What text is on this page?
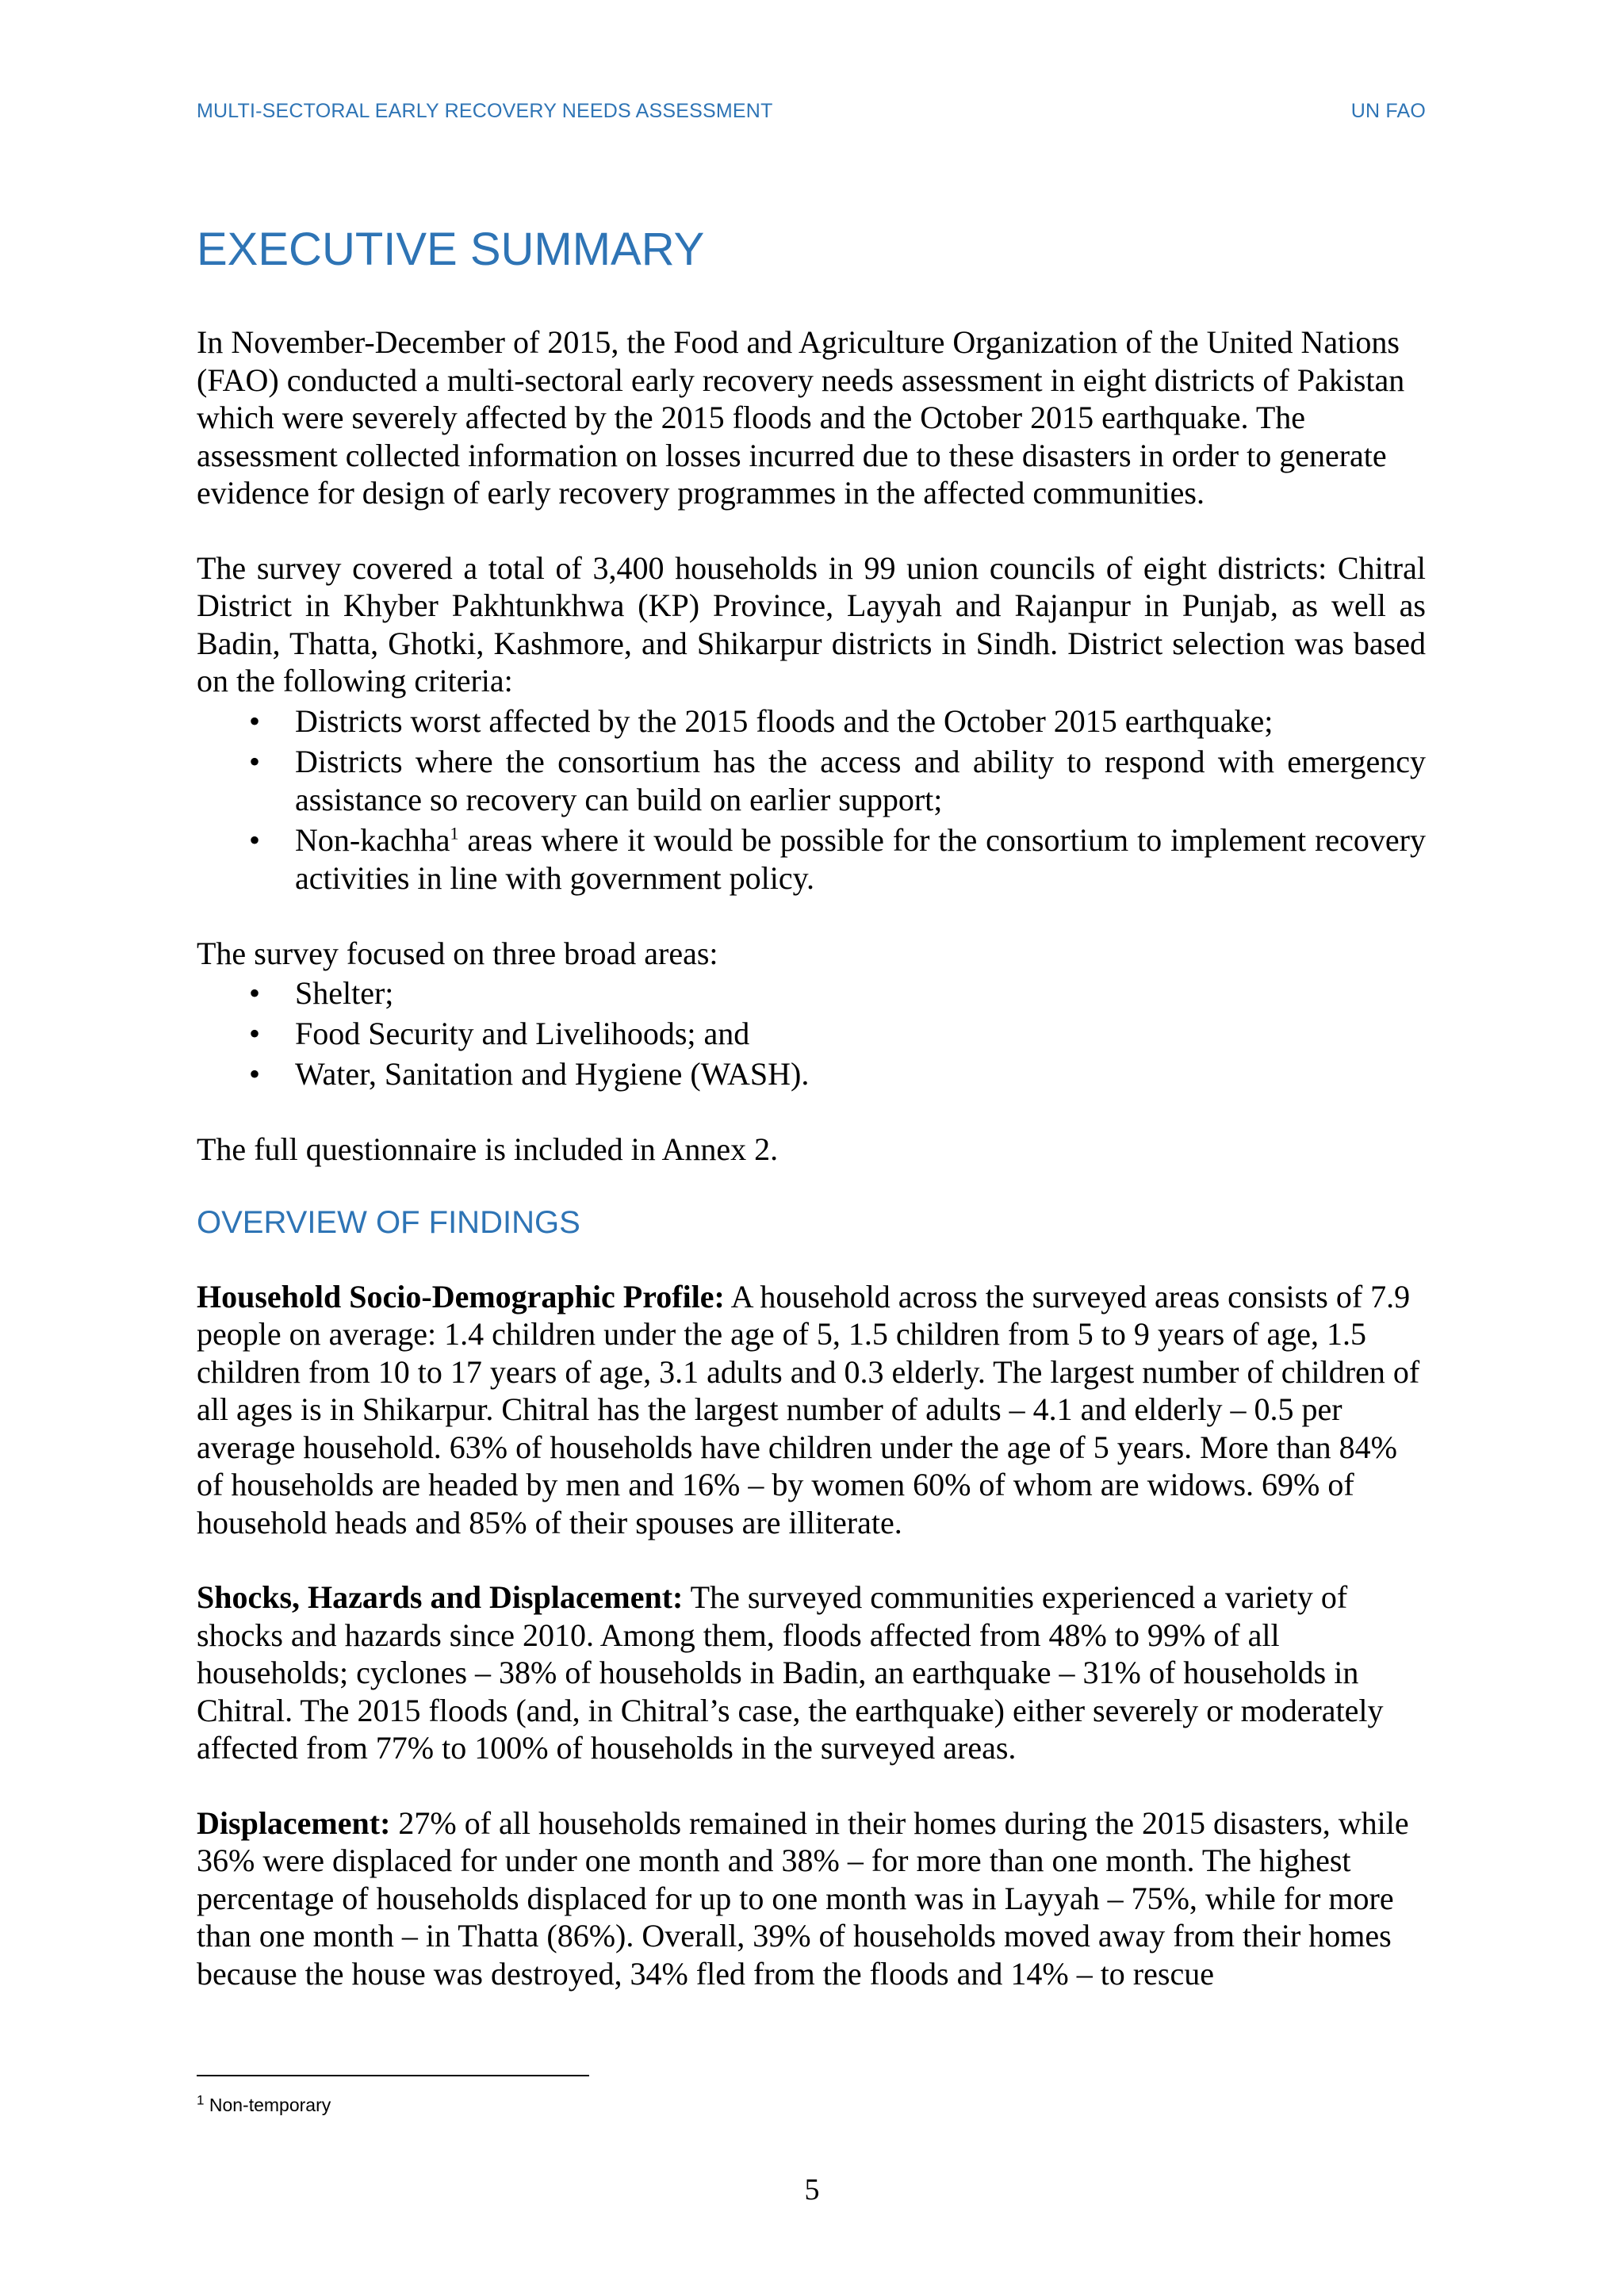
MULTI-SECTORAL EARLY RECOVERY NEEDS ASSESSMENT	UN FAO
EXECUTIVE SUMMARY

In November-December of 2015, the Food and Agriculture Organization of the United Nations (FAO) conducted a multi-sectoral early recovery needs assessment in eight districts of Pakistan which were severely affected by the 2015 floods and the October 2015 earthquake. The assessment collected information on losses incurred due to these disasters in order to generate evidence for design of early recovery programmes in the affected communities.

The survey covered a total of 3,400 households in 99 union councils of eight districts: Chitral District in Khyber Pakhtunkhwa (KP) Province, Layyah and Rajanpur in Punjab, as well as Badin, Thatta, Ghotki, Kashmore, and Shikarpur districts in Sindh. District selection was based on the following criteria:

•	Districts worst affected by the 2015 floods and the October 2015 earthquake;
•	Districts where the consortium has the access and ability to respond with emergency assistance so recovery can build on earlier support;
•	Non-kachha$^1$ areas where it would be possible for the consortium to implement recovery activities in line with government policy.

The survey focused on three broad areas:

•	Shelter;
•	Food Security and Livelihoods; and
•	Water, Sanitation and Hygiene (WASH).

The full questionnaire is included in Annex 2.

OVERVIEW OF FINDINGS

Household Socio-Demographic Profile: A household across the surveyed areas consists of 7.9 people on average: 1.4 children under the age of 5, 1.5 children from 5 to 9 years of age, 1.5 children from 10 to 17 years of age, 3.1 adults and 0.3 elderly. The largest number of children of all ages is in Shikarpur. Chitral has the largest number of adults – 4.1 and elderly – 0.5 per average household. 63% of households have children under the age of 5 years. More than 84% of households are headed by men and 16% – by women 60% of whom are widows. 69% of household heads and 85% of their spouses are illiterate.

Shocks, Hazards and Displacement: The surveyed communities experienced a variety of shocks and hazards since 2010. Among them, floods affected from 48% to 99% of all households; cyclones – 38% of households in Badin, an earthquake – 31% of households in Chitral. The 2015 floods (and, in Chitral’s case, the earthquake) either severely or moderately affected from 77% to 100% of households in the surveyed areas.

Displacement: 27% of all households remained in their homes during the 2015 disasters, while 36% were displaced for under one month and 38% – for more than one month. The highest percentage of households displaced for up to one month was in Layyah – 75%, while for more than one month – in Thatta (86%). Overall, 39% of households moved away from their homes because the house was destroyed, 34% fled from the floods and 14% – to rescue

$^1$ Non-temporary
5
